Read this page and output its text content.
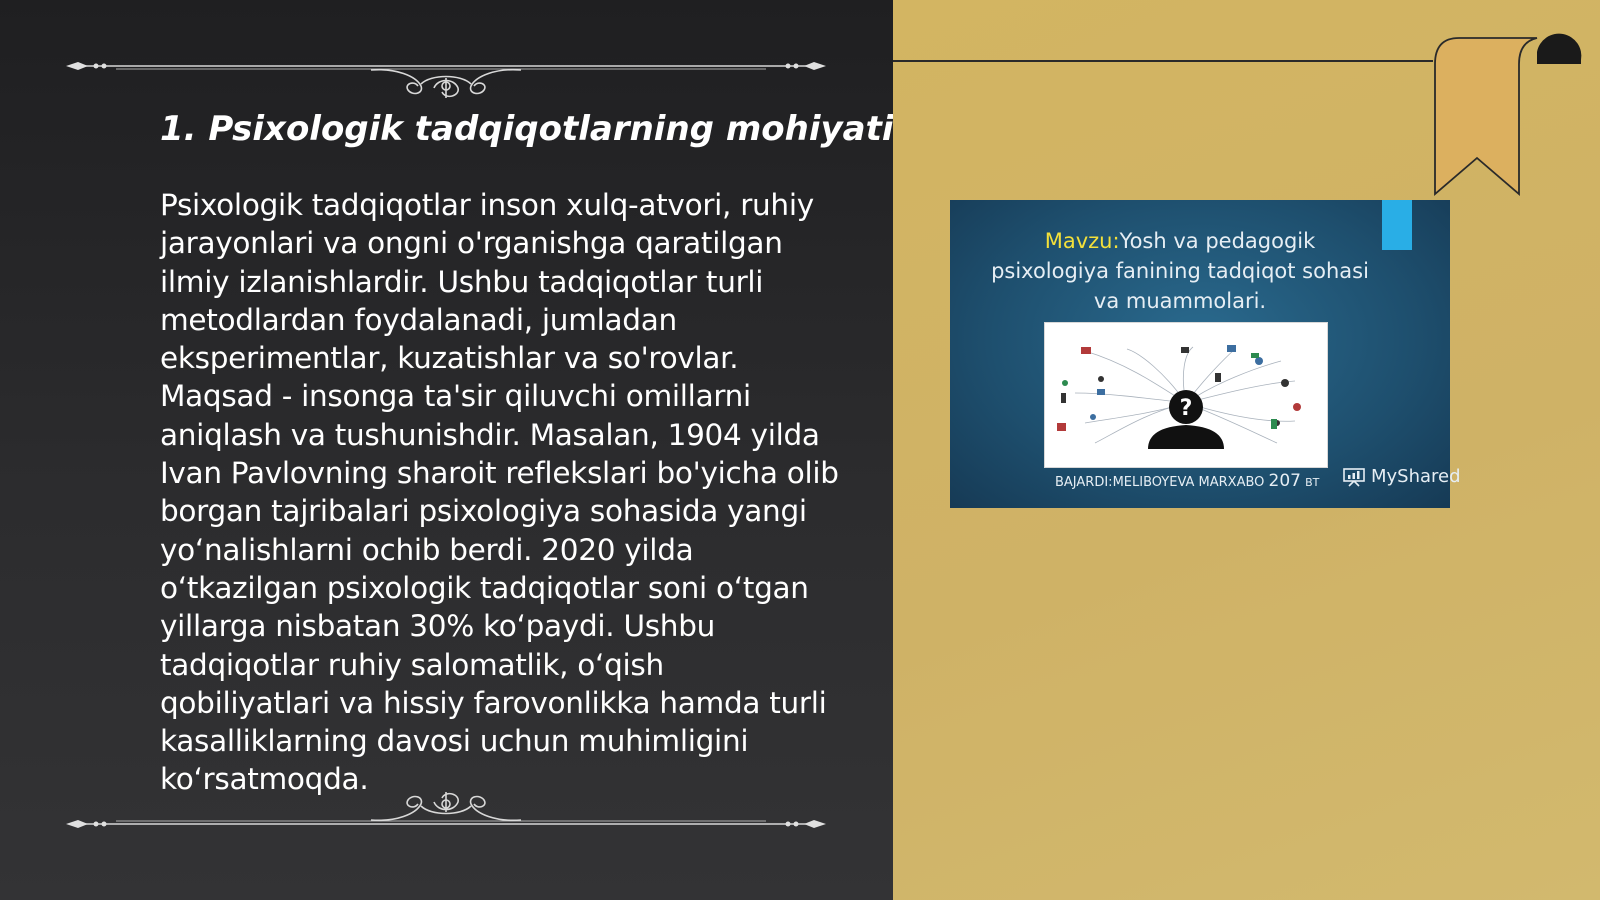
1. Psixologik tadqiqotlarning mohiyati
Psixologik tadqiqotlar inson xulq-atvori, ruhiy jarayonlari va ongni o'rganishga qaratilgan ilmiy izlanishlardir. Ushbu tadqiqotlar turli metodlardan foydalanadi, jumladan eksperimentlar, kuzatishlar va so'rovlar. Maqsad - insonga ta'sir qiluvchi omillarni aniqlash va tushunishdir. Masalan, 1904 yilda Ivan Pavlovning sharoit reflekslari bo'yicha olib borgan tajribalari psixologiya sohasida yangi yo‘nalishlarni ochib berdi. 2020 yilda o‘tkazilgan psixologik tadqiqotlar soni o‘tgan yillarga nisbatan 30% ko‘paydi. Ushbu tadqiqotlar ruhiy salomatlik, o‘qish qobiliyatlari va hissiy farovonlikka hamda turli kasalliklarning davosi uchun muhimligini ko‘rsatmoqda.
Mavzu:Yosh va pedagogik
psixologiya fanining tadqiqot sohasi
va muammolari.
?
BAJARDI:MELIBOYEVA MARXABO 207 BT	MyShared
